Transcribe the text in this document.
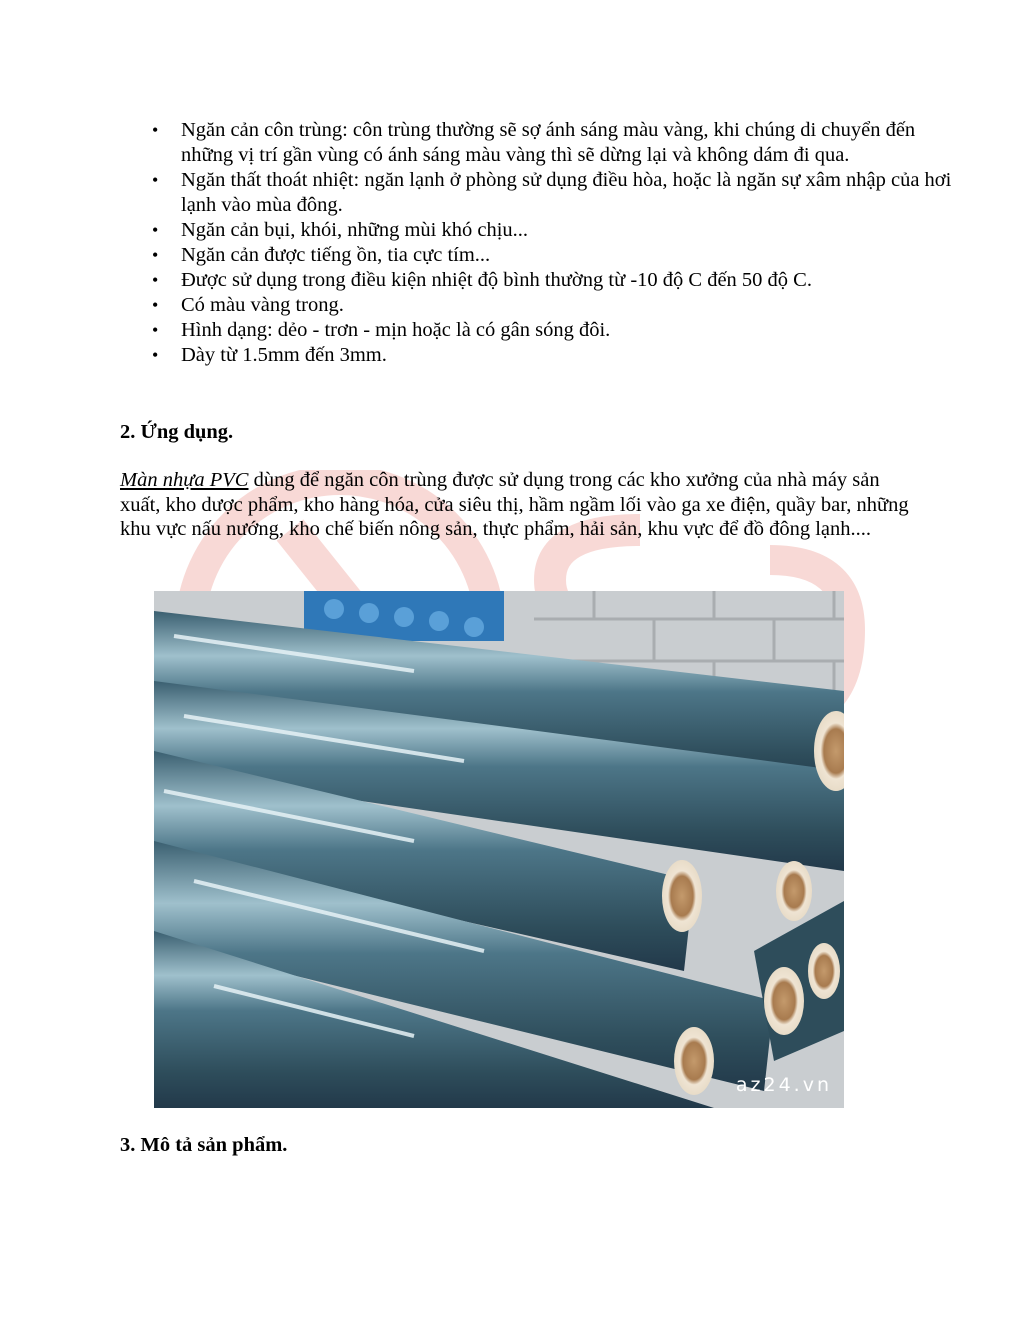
• Ngăn cản côn trùng: côn trùng thường sẽ sợ ánh sáng màu vàng, khi chúng di chuyển đến những vị trí gần vùng có ánh sáng màu vàng thì sẽ dừng lại và không dám đi qua.
• Ngăn thất thoát nhiệt: ngăn lạnh ở phòng sử dụng điều hòa, hoặc là ngăn sự xâm nhập của hơi lạnh vào mùa đông.
• Ngăn cản bụi, khói, những mùi khó chịu...
• Ngăn cản được tiếng ồn, tia cực tím...
• Được sử dụng trong điều kiện nhiệt độ bình thường từ -10 độ C đến 50 độ C.
• Có màu vàng trong.
• Hình dạng: dẻo - trơn - mịn hoặc là có gân sóng đôi.
• Dày từ 1.5mm đến 3mm.
2. Ứng dụng.

Màn nhựa PVC dùng để ngăn côn trùng được sử dụng trong các kho xưởng của nhà máy sản xuất, kho dược phẩm, kho hàng hóa, cửa siêu thị, hầm ngầm lối vào ga xe điện, quầy bar, những khu vực nấu nướng, kho chế biến nông sản, thực phẩm, hải sản, khu vực để đồ đông lạnh....

az24.vn
3. Mô tả sản phẩm.
